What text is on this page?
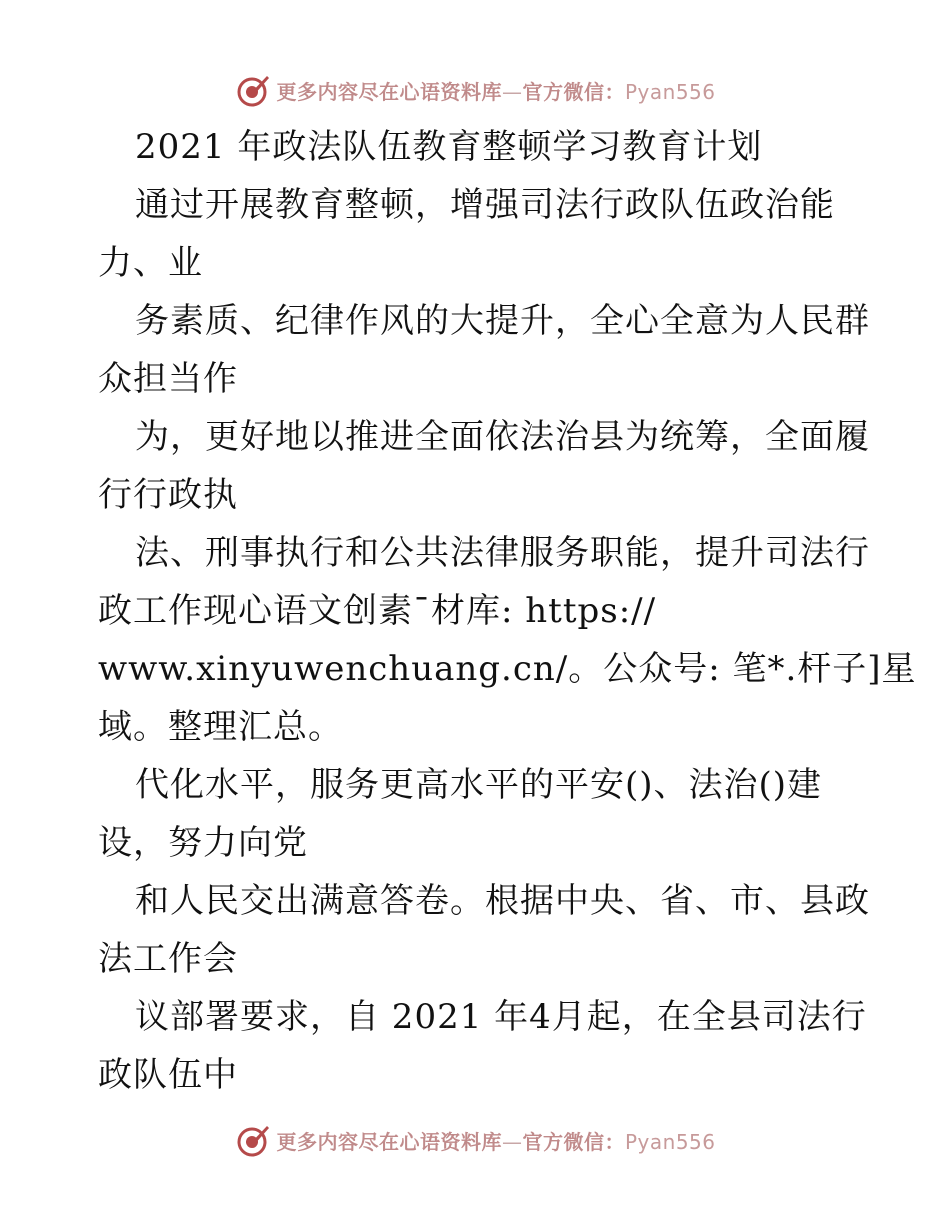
更多内容尽在心语资料库—官方微信：Pyan556
2021 年政法队伍教育整顿学习教育计划
通过开展教育整顿，增强司法行政队伍政治能
力、业
务素质、纪律作风的大提升，全心全意为人民群
众担当作
为，更好地以推进全面依法治县为统筹，全面履
行行政执
法、刑事执行和公共法律服务职能，提升司法行
政工作现心语文创素¯材库: https://
www.xinyuwenchuang.cn/。公众号: 笔*.杆子]星
域。整理汇总。
代化水平，服务更高水平的平安()、法治()建
设，努力向党
和人民交出满意答卷。根据中央、省、市、县政
法工作会
议部署要求，自 2021 年4月起，在全县司法行
政队伍中
更多内容尽在心语资料库—官方微信：Pyan556
